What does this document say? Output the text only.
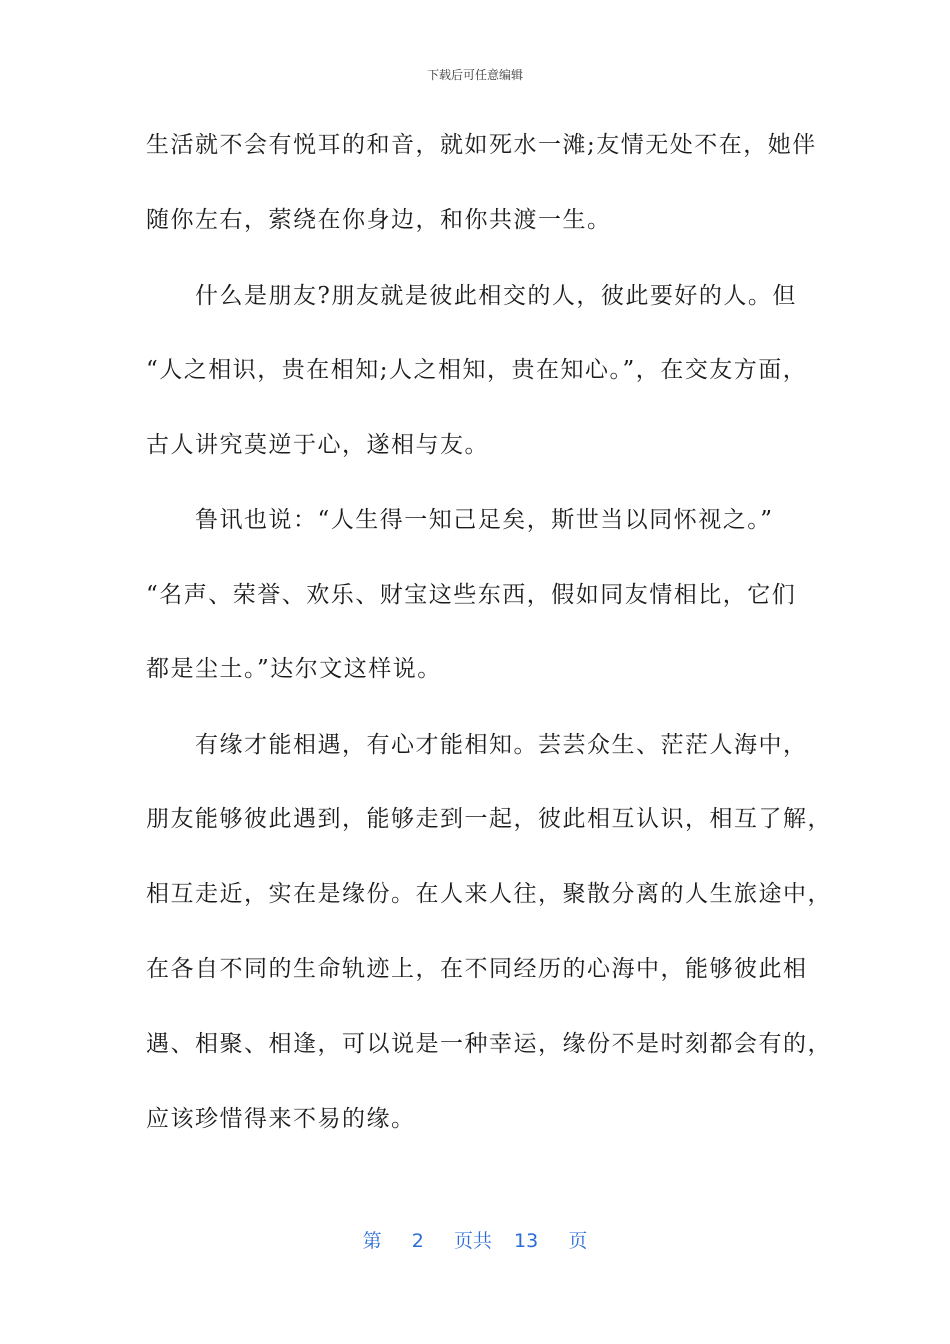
下载后可任意编辑
生活就不会有悦耳的和音，就如死水一滩;友情无处不在，她伴
随你左右，萦绕在你身边，和你共渡一生。
　　什么是朋友?朋友就是彼此相交的人，彼此要好的人。但
“人之相识，贵在相知;人之相知，贵在知心。”，在交友方面，
古人讲究莫逆于心，遂相与友。
　　鲁讯也说：“人生得一知己足矣，斯世当以同怀视之。”
“名声、荣誉、欢乐、财宝这些东西，假如同友情相比，它们
都是尘土。”达尔文这样说。
　　有缘才能相遇，有心才能相知。芸芸众生、茫茫人海中，
朋友能够彼此遇到，能够走到一起，彼此相互认识，相互了解，
相互走近，实在是缘份。在人来人往，聚散分离的人生旅途中，
在各自不同的生命轨迹上，在不同经历的心海中，能够彼此相
遇、相聚、相逢，可以说是一种幸运，缘份不是时刻都会有的，
应该珍惜得来不易的缘。
第 2 页共 13 页
